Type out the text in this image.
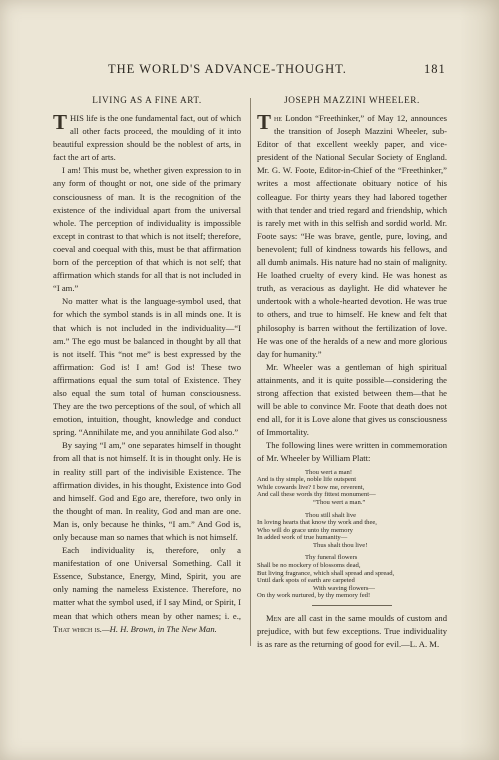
THE WORLD'S ADVANCE-THOUGHT.	181
LIVING AS A FINE ART.

THIS life is the one fundamental fact, out of which all other facts proceed, the moulding of it into beautiful expression should be the noblest of arts, in fact the art of arts.

I am! This must be, whether given expression to in any form of thought or not, one side of the primary consciousness of man. It is the recognition of the existence of the individual apart from the universal whole. The perception of individuality is impossible except in contrast to that which is not itself; therefore, coeval and coequal with this, must be that affirmation born of the perception of that which is not self; that affirmation which stands for all that is not included in “I am.”

No matter what is the language-symbol used, that for which the symbol stands is in all minds one. It is that which is not included in the individuality—“I am.” The ego must be balanced in thought by all that is not itself. This “not me” is best expressed by the affirmation: God is! I am! God is! These two affirmations equal the sum total of Existence. They also equal the sum total of human consciousness. They are the two perceptions of the soul, of which all emotion, intuition, thought, knowledge and conduct spring. “Annihilate me, and you annihilate God also.”

By saying “I am,” one separates himself in thought from all that is not himself. It is in thought only. He is in reality still part of the indivisible Existence. The affirmation divides, in his thought, Existence into God and himself. God and Ego are, therefore, two only in the thought of man. In reality, God and man are one. Man is, only because he thinks, “I am.” And God is, only because man so names that which is not himself.

Each individuality is, therefore, only a manifestation of one Universal Something. Call it Essence, Substance, Energy, Mind, Spirit, you are only naming the nameless Existence. Therefore, no matter what the symbol used, if I say Mind, or Spirit, I mean that which others mean by other names; i. e., That which is.—H. H. Brown, in The New Man.

JOSEPH MAZZINI WHEELER.

The London “Freethinker,” of May 12, announces the transition of Joseph Mazzini Wheeler, sub-Editor of that excellent weekly paper, and vice-president of the National Secular Society of England. Mr. G. W. Foote, Editor-in-Chief of the “Freethinker,” writes a most affectionate obituary notice of his colleague. For thirty years they had labored together with that tender and tried regard and friendship, which is rarely met with in this selfish and sordid world. Mr. Foote says: “He was brave, gentle, pure, loving, and benevolent; full of kindness towards his fellows, and all dumb animals. His nature had no stain of malignity. He loathed cruelty of every kind. He was honest as truth, as veracious as daylight. He did whatever he undertook with a whole-hearted devotion. He was true to others, and true to himself. He knew and felt that philosophy is barren without the fertilization of love. He was one of the heralds of a new and more glorious day for humanity.”

Mr. Wheeler was a gentleman of high spiritual attainments, and it is quite possible—considering the strong affection that existed between them—that he will be able to convince Mr. Foote that death does not end all, for it is Love alone that gives us consciousness of Immortality.

The following lines were written in commemoration of Mr. Wheeler by William Platt:

Thou wert a man!
And is thy simple, noble life outspent
While cowards live? I bow me, reverent,
And call these words thy fittest monument—
“Thou wert a man.”
Thou still shalt live
In loving hearts that know thy work and thee,
Who will do grace unto thy memory
In added work of true humanity—
Thus shalt thou live!
Thy funeral flowers
Shall be no mockery of blossoms dead,
But living fragrance, which shall spread and spread,
Until dark spots of earth are carpeted
With waving flowers—
On thy work nurtured, by thy memory fed!

Men are all cast in the same moulds of custom and prejudice, with but few exceptions. True individuality is as rare as the returning of good for evil.—L. A. M.
